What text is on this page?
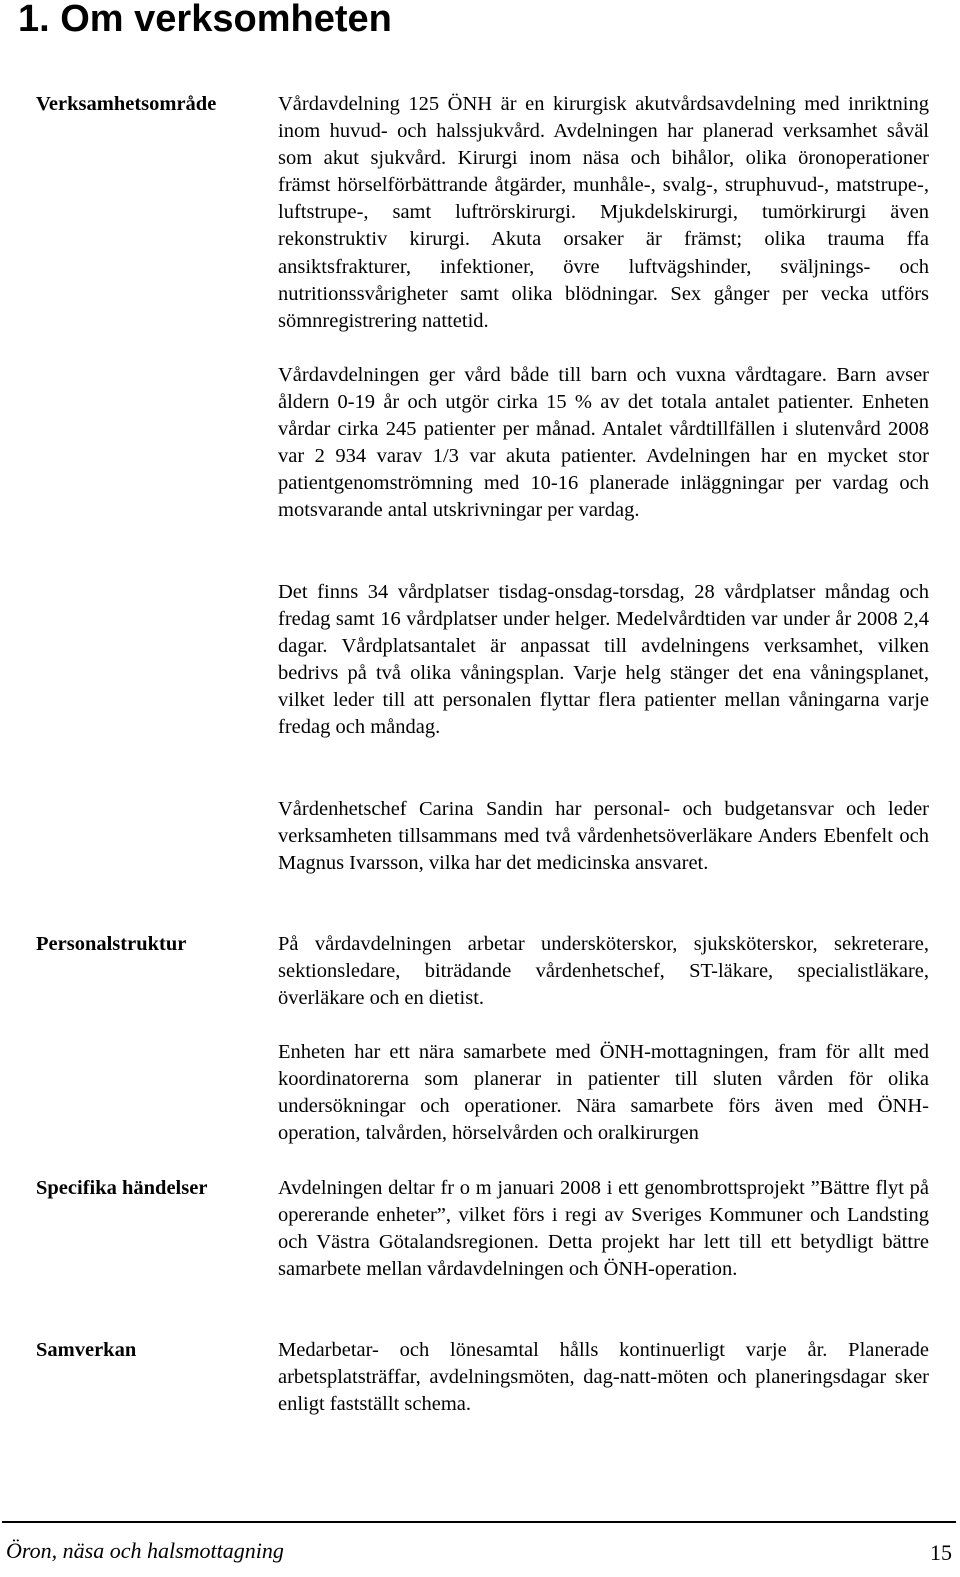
1. Om verksomheten
Verksamhetsområde	Vårdavdelning 125 ÖNH är en kirurgisk akutvårdsavdelning med inriktning inom huvud- och halssjukvård. Avdelningen har planerad verksamhet såväl som akut sjukvård. Kirurgi inom näsa och bihålor, olika öronoperationer främst hörselförbättrande åtgärder, munhåle-, svalg-, struphuvud-, matstrupe-, luftstrupe-, samt luftrörskirurgi. Mjukdelskirurgi, tumörkirurgi även rekonstruktiv kirurgi. Akuta orsaker är främst; olika trauma ffa ansiktsfrakturer, infektioner, övre luftvägshinder, sväljnings- och nutritionssvårigheter samt olika blödningar. Sex gånger per vecka utförs sömnregistrering nattetid.

Vårdavdelningen ger vård både till barn och vuxna vårdtagare. Barn avser åldern 0-19 år och utgör cirka 15 % av det totala antalet patienter. Enheten vårdar cirka 245 patienter per månad. Antalet vårdtillfällen i slutenvård 2008 var 2 934 varav 1/3 var akuta patienter. Avdelningen har en mycket stor patientgenomströmning med 10-16 planerade inläggningar per vardag och motsvarande antal utskrivningar per vardag.

Det finns 34 vårdplatser tisdag-onsdag-torsdag, 28 vårdplatser måndag och fredag samt 16 vårdplatser under helger. Medelvårdtiden var under år 2008 2,4 dagar. Vårdplatsantalet är anpassat till avdelningens verksamhet, vilken bedrivs på två olika våningsplan. Varje helg stänger det ena våningsplanet, vilket leder till att personalen flyttar flera patienter mellan våningarna varje fredag och måndag.

Vårdenhetschef Carina Sandin har personal- och budgetansvar och leder verksamheten tillsammans med två vårdenhetsöverläkare Anders Ebenfelt och Magnus Ivarsson, vilka har det medicinska ansvaret.

Personalstruktur	På vårdavdelningen arbetar undersköterskor, sjuksköterskor, sekreterare, sektionsledare, biträdande vårdenhetschef, ST-läkare, specialistläkare, överläkare och en dietist.

Enheten har ett nära samarbete med ÖNH-mottagningen, fram för allt med koordinatorerna som planerar in patienter till sluten vården för olika undersökningar och operationer. Nära samarbete förs även med ÖNH-operation, talvården, hörselvården och oralkirurgen

Specifika händelser	Avdelningen deltar fr o m januari 2008 i ett genombrottsprojekt ”Bättre flyt på opererande enheter”, vilket förs i regi av Sveriges Kommuner och Landsting och Västra Götalandsregionen. Detta projekt har lett till ett betydligt bättre samarbete mellan vårdavdelningen och ÖNH-operation.

Samverkan	Medarbetar- och lönesamtal hålls kontinuerligt varje år. Planerade arbetsplatsträffar, avdelningsmöten, dag-natt-möten och planeringsdagar sker enligt fastställt schema.

Öron, näsa och halsmottagning	15
